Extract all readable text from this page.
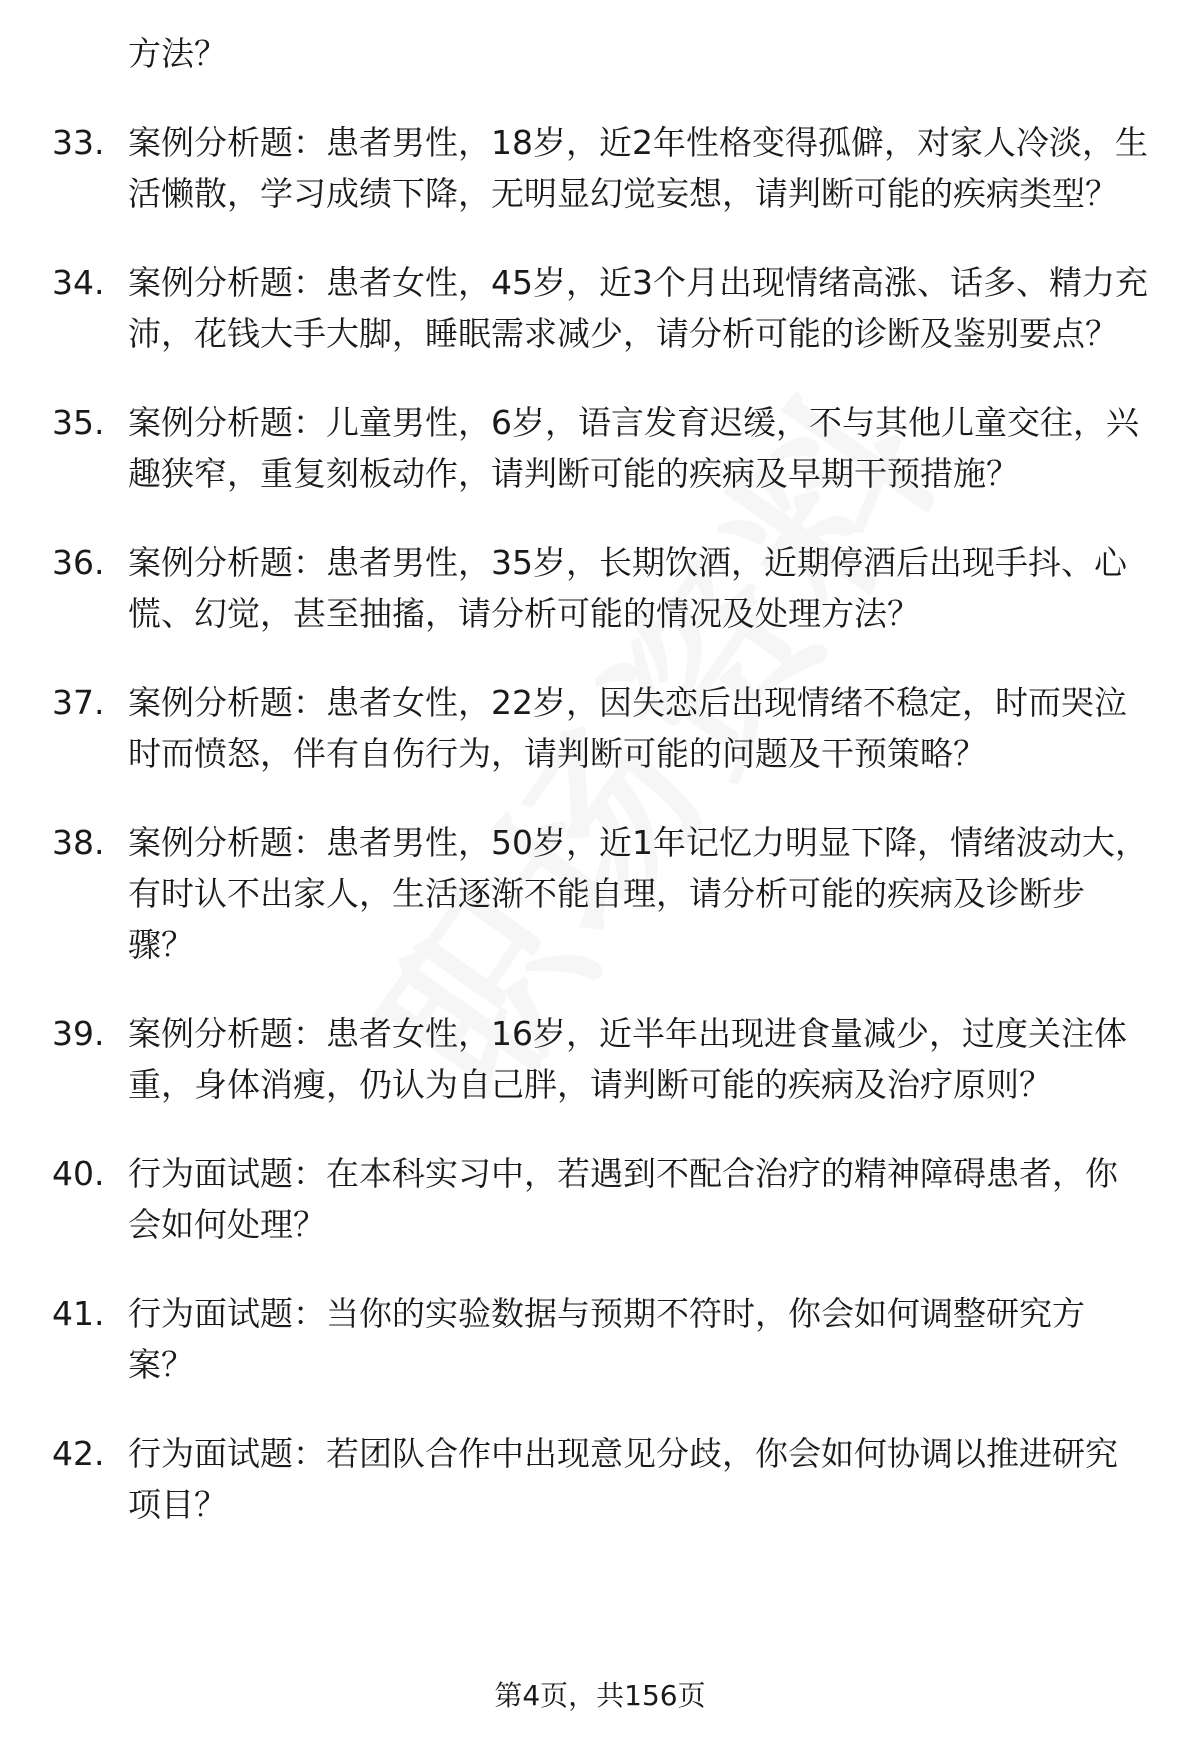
方法？
33. 案例分析题：患者男性，18岁，近2年性格变得孤僻，对家人冷淡，生活懒散，学习成绩下降，无明显幻觉妄想，请判断可能的疾病类型？
34. 案例分析题：患者女性，45岁，近3个月出现情绪高涨、话多、精力充沛，花钱大手大脚，睡眠需求减少，请分析可能的诊断及鉴别要点？
35. 案例分析题：儿童男性，6岁，语言发育迟缓，不与其他儿童交往，兴趣狭窄，重复刻板动作，请判断可能的疾病及早期干预措施？
36. 案例分析题：患者男性，35岁，长期饮酒，近期停酒后出现手抖、心慌、幻觉，甚至抽搐，请分析可能的情况及处理方法？
37. 案例分析题：患者女性，22岁，因失恋后出现情绪不稳定，时而哭泣时而愤怒，伴有自伤行为，请判断可能的问题及干预策略？
38. 案例分析题：患者男性，50岁，近1年记忆力明显下降，情绪波动大，有时认不出家人，生活逐渐不能自理，请分析可能的疾病及诊断步骤？
39. 案例分析题：患者女性，16岁，近半年出现进食量减少，过度关注体重，身体消瘦，仍认为自己胖，请判断可能的疾病及治疗原则？
40. 行为面试题：在本科实习中，若遇到不配合治疗的精神障碍患者，你会如何处理？
41. 行为面试题：当你的实验数据与预期不符时，你会如何调整研究方案？
42. 行为面试题：若团队合作中出现意见分歧，你会如何协调以推进研究项目？
第4页，共156页
